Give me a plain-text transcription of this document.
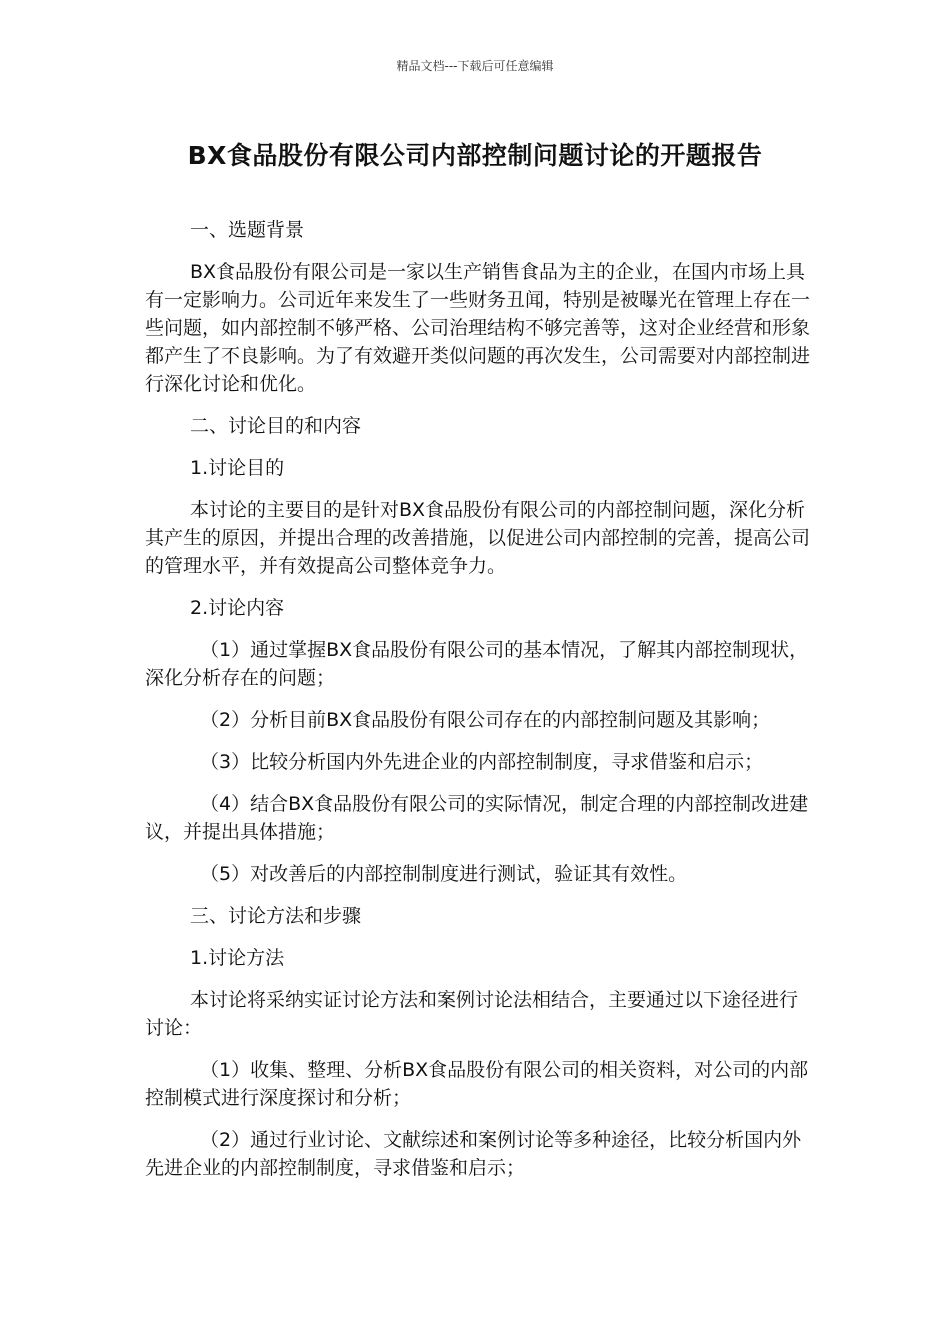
精品文档---下载后可任意编辑
BX食品股份有限公司内部控制问题讨论的开题报告

一、选题背景

BX食品股份有限公司是一家以生产销售食品为主的企业，在国内市场上具有一定影响力。公司近年来发生了一些财务丑闻，特别是被曝光在管理上存在一些问题，如内部控制不够严格、公司治理结构不够完善等，这对企业经营和形象都产生了不良影响。为了有效避开类似问题的再次发生，公司需要对内部控制进行深化讨论和优化。

二、讨论目的和内容

1.讨论目的

本讨论的主要目的是针对BX食品股份有限公司的内部控制问题，深化分析其产生的原因，并提出合理的改善措施，以促进公司内部控制的完善，提高公司的管理水平，并有效提高公司整体竞争力。

2.讨论内容

（1）通过掌握BX食品股份有限公司的基本情况，了解其内部控制现状，深化分析存在的问题；

（2）分析目前BX食品股份有限公司存在的内部控制问题及其影响；

（3）比较分析国内外先进企业的内部控制制度，寻求借鉴和启示；

（4）结合BX食品股份有限公司的实际情况，制定合理的内部控制改进建议，并提出具体措施；

（5）对改善后的内部控制制度进行测试，验证其有效性。

三、讨论方法和步骤

1.讨论方法

本讨论将采纳实证讨论方法和案例讨论法相结合，主要通过以下途径进行讨论：

（1）收集、整理、分析BX食品股份有限公司的相关资料，对公司的内部控制模式进行深度探讨和分析；

（2）通过行业讨论、文献综述和案例讨论等多种途径，比较分析国内外先进企业的内部控制制度，寻求借鉴和启示；
